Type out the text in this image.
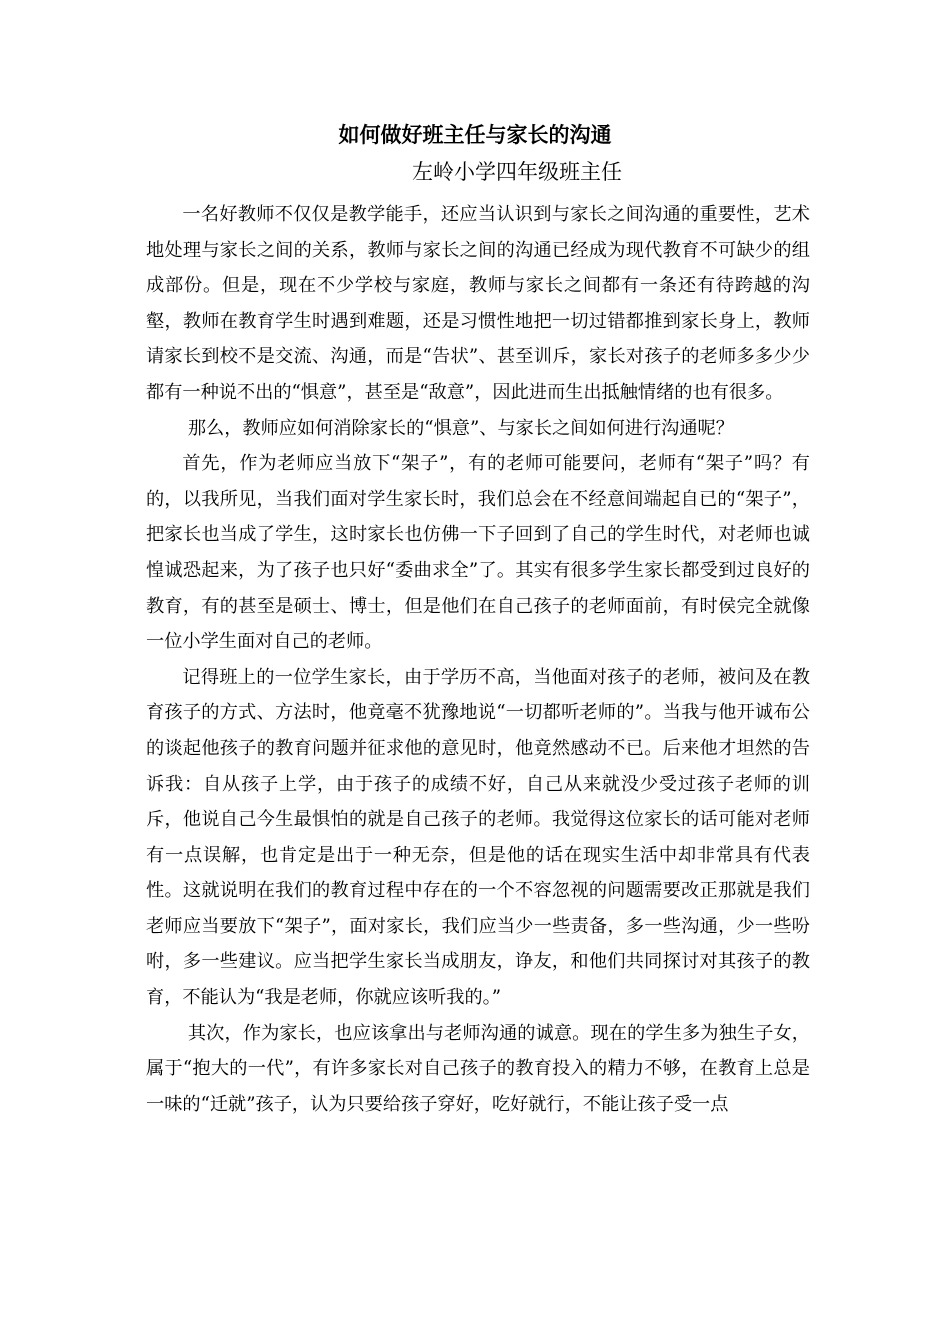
如何做好班主任与家长的沟通
左岭小学四年级班主任

一名好教师不仅仅是教学能手，还应当认识到与家长之间沟通的重要性，艺术地处理与家长之间的关系，教师与家长之间的沟通已经成为现代教育不可缺少的组成部份。但是，现在不少学校与家庭，教师与家长之间都有一条还有待跨越的沟壑，教师在教育学生时遇到难题，还是习惯性地把一切过错都推到家长身上，教师请家长到校不是交流、沟通，而是“告状”、甚至训斥，家长对孩子的老师多多少少都有一种说不出的“惧意”，甚至是“敌意”，因此进而生出抵触情绪的也有很多。

那么，教师应如何消除家长的“惧意”、与家长之间如何进行沟通呢？

首先，作为老师应当放下“架子”，有的老师可能要问，老师有“架子”吗？有的，以我所见，当我们面对学生家长时，我们总会在不经意间端起自已的“架子”，把家长也当成了学生，这时家长也仿佛一下子回到了自己的学生时代，对老师也诚惶诚恐起来，为了孩子也只好“委曲求全”了。其实有很多学生家长都受到过良好的教育，有的甚至是硕士、博士，但是他们在自己孩子的老师面前，有时侯完全就像一位小学生面对自己的老师。

记得班上的一位学生家长，由于学历不高，当他面对孩子的老师，被问及在教育孩子的方式、方法时，他竟毫不犹豫地说“一切都听老师的”。当我与他开诚布公的谈起他孩子的教育问题并征求他的意见时，他竟然感动不已。后来他才坦然的告诉我：自从孩子上学，由于孩子的成绩不好，自己从来就没少受过孩子老师的训斥，他说自己今生最惧怕的就是自己孩子的老师。我觉得这位家长的话可能对老师有一点误解，也肯定是出于一种无奈，但是他的话在现实生活中却非常具有代表性。这就说明在我们的教育过程中存在的一个不容忽视的问题需要改正那就是我们老师应当要放下“架子”，面对家长，我们应当少一些责备，多一些沟通，少一些吩咐，多一些建议。应当把学生家长当成朋友，诤友，和他们共同探讨对其孩子的教育，不能认为“我是老师，你就应该听我的。”

其次，作为家长，也应该拿出与老师沟通的诚意。现在的学生多为独生子女，属于“抱大的一代”，有许多家长对自己孩子的教育投入的精力不够，在教育上总是一味的“迁就”孩子，认为只要给孩子穿好，吃好就行，不能让孩子受一点
